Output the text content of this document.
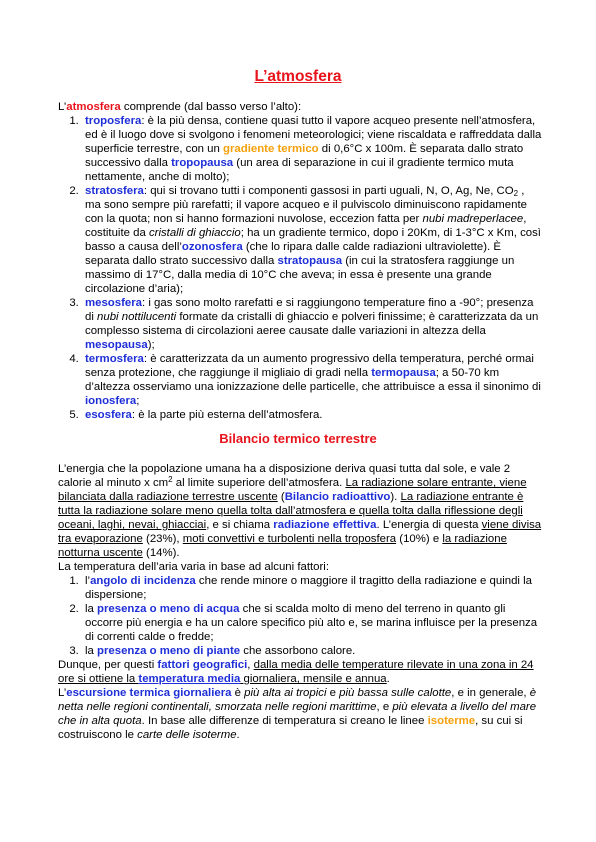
L’atmosfera

L’atmosfera comprende (dal basso verso l’alto):

1. troposfera: è la più densa, contiene quasi tutto il vapore acqueo presente nell’atmosfera, ed è il luogo dove si svolgono i fenomeni meteorologici; viene riscaldata e raffreddata dalla superficie terrestre, con un gradiente termico di 0,6°C x 100m. È separata dallo strato successivo dalla tropopausa (un area di separazione in cui il gradiente termico muta nettamente, anche di molto);
2. stratosfera: qui si trovano tutti i componenti gassosi in parti uguali, N, O, Ag, Ne, $CO_2$ , ma sono sempre più rarefatti; il vapore acqueo e il pulviscolo diminuiscono rapidamente con la quota; non si hanno formazioni nuvolose, eccezion fatta per nubi madreperlacee, costituite da cristalli di ghiaccio; ha un gradiente termico, dopo i 20Km, di 1-3°C x Km, così basso a causa dell’ozonosfera (che lo ripara dalle calde radiazioni ultraviolette). È separata dallo strato successivo dalla stratopausa (in cui la stratosfera raggiunge un massimo di 17°C, dalla media di 10°C che aveva; in essa è presente una grande circolazione d’aria);
3. mesosfera: i gas sono molto rarefatti e si raggiungono temperature fino a -90°; presenza di nubi nottilucenti formate da cristalli di ghiaccio e polveri finissime; è caratterizzata da un complesso sistema di circolazioni aeree causate dalle variazioni in altezza della mesopausa);
4. termosfera: è caratterizzata da un aumento progressivo della temperatura, perché ormai senza protezione, che raggiunge il migliaio di gradi nella termopausa; a 50-70 km d’altezza osserviamo una ionizzazione delle particelle, che attribuisce a essa il sinonimo di ionosfera;
5. esosfera: è la parte più esterna dell’atmosfera.
Bilancio termico terrestre

L’energia che la popolazione umana ha a disposizione deriva quasi tutta dal sole, e vale 2 calorie al minuto x $cm^2$ al limite superiore dell’atmosfera. La radiazione solare entrante, viene bilanciata dalla radiazione terrestre uscente (Bilancio radioattivo). La radiazione entrante è tutta la radiazione solare meno quella tolta dall’atmosfera e quella tolta dalla riflessione degli oceani, laghi, nevai, ghiacciai, e si chiama radiazione effettiva. L’energia di questa viene divisa tra evaporazione (23%), moti convettivi e turbolenti nella troposfera (10%) e la radiazione notturna uscente (14%).

La temperatura dell’aria varia in base ad alcuni fattori:

1. l’angolo di incidenza che rende minore o maggiore il tragitto della radiazione e quindi la dispersione;
2. la presenza o meno di acqua che si scalda molto di meno del terreno in quanto gli occorre più energia e ha un calore specifico più alto e, se marina influisce per la presenza di correnti calde o fredde;
3. la presenza o meno di piante che assorbono calore.

Dunque, per questi fattori geografici, dalla media delle temperature rilevate in una zona in 24 ore si ottiene la temperatura media giornaliera, mensile e annua.

L’escursione termica giornaliera è più alta ai tropici e più bassa sulle calotte, e in generale, è netta nelle regioni continentali, smorzata nelle regioni marittime, e più elevata a livello del mare che in alta quota. In base alle differenze di temperatura si creano le linee isoterme, su cui si costruiscono le carte delle isoterme.
